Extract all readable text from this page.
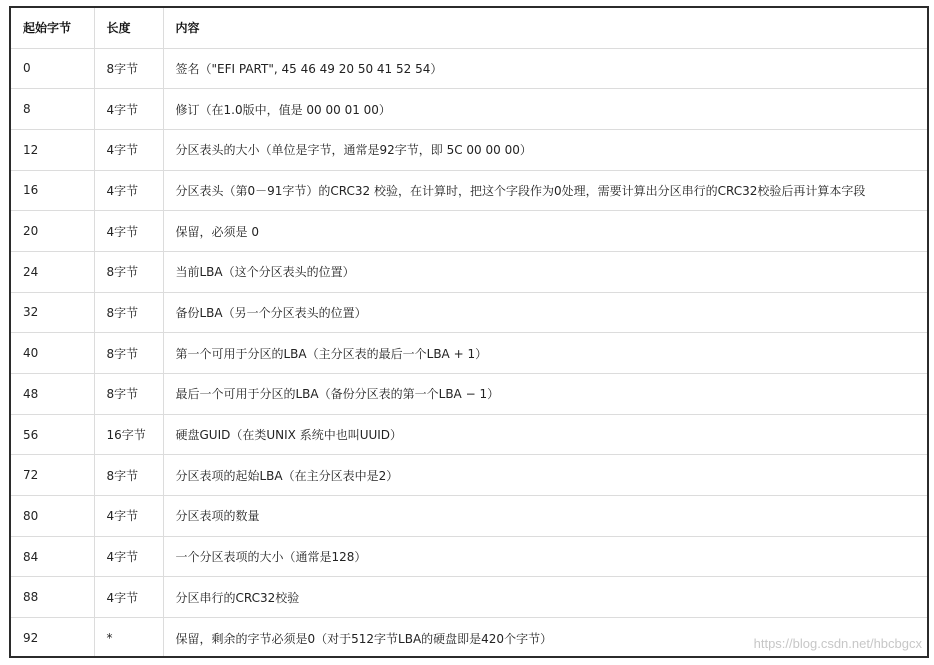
起始字节	长度	内容
0	8字节	签名（"EFI PART", 45 46 49 20 50 41 52 54）
8	4字节	修订（在1.0版中，值是 00 00 01 00）
12	4字节	分区表头的大小（单位是字节，通常是92字节，即 5C 00 00 00）
16	4字节	分区表头（第0－91字节）的CRC32 校验，在计算时，把这个字段作为0处理，需要计算出分区串行的CRC32校验后再计算本字段
20	4字节	保留，必须是 0
24	8字节	当前LBA（这个分区表头的位置）
32	8字节	备份LBA（另一个分区表头的位置）
40	8字节	第一个可用于分区的LBA（主分区表的最后一个LBA + 1）
48	8字节	最后一个可用于分区的LBA（备份分区表的第一个LBA − 1）
56	16字节	硬盘GUID（在类UNIX 系统中也叫UUID）
72	8字节	分区表项的起始LBA（在主分区表中是2）
80	4字节	分区表项的数量
84	4字节	一个分区表项的大小（通常是128）
88	4字节	分区串行的CRC32校验
92	*	保留，剩余的字节必须是0（对于512字节LBA的硬盘即是420个字节）	https://blog.csdn.net/hbcbgcx
